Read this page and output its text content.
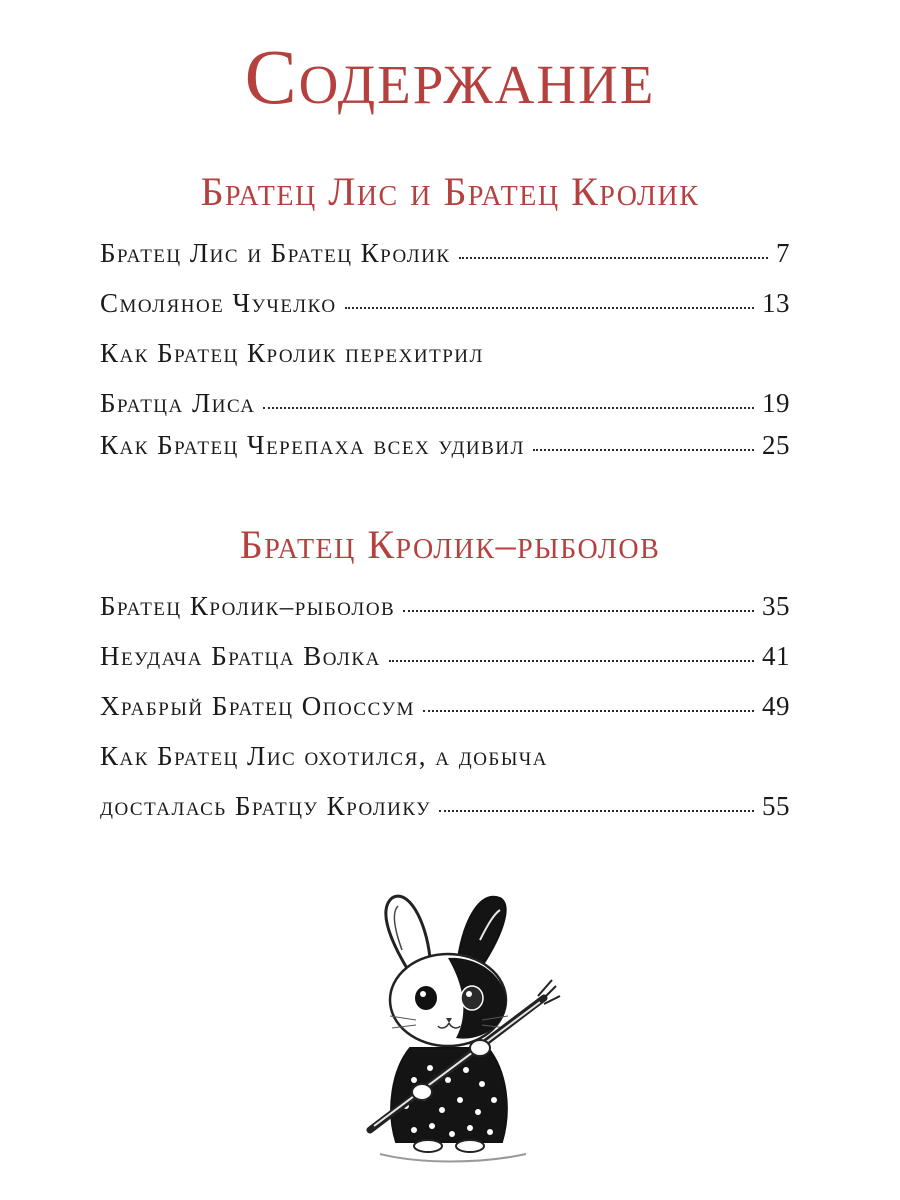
Содержание
Братец Лис и Братец Кролик
Братец Лис и Братец Кролик	7
Смоляное Чучелко	13
Как Братец Кролик перехитрил
Братца Лиса	19
Как Братец Черепаха всех удивил	25
Братец Кролик–рыболов
Братец Кролик–рыболов	35
Неудача Братца Волка	41
Храбрый Братец Опоссум	49
Как Братец Лис охотился, а добыча
досталась Братцу Кролику	55
